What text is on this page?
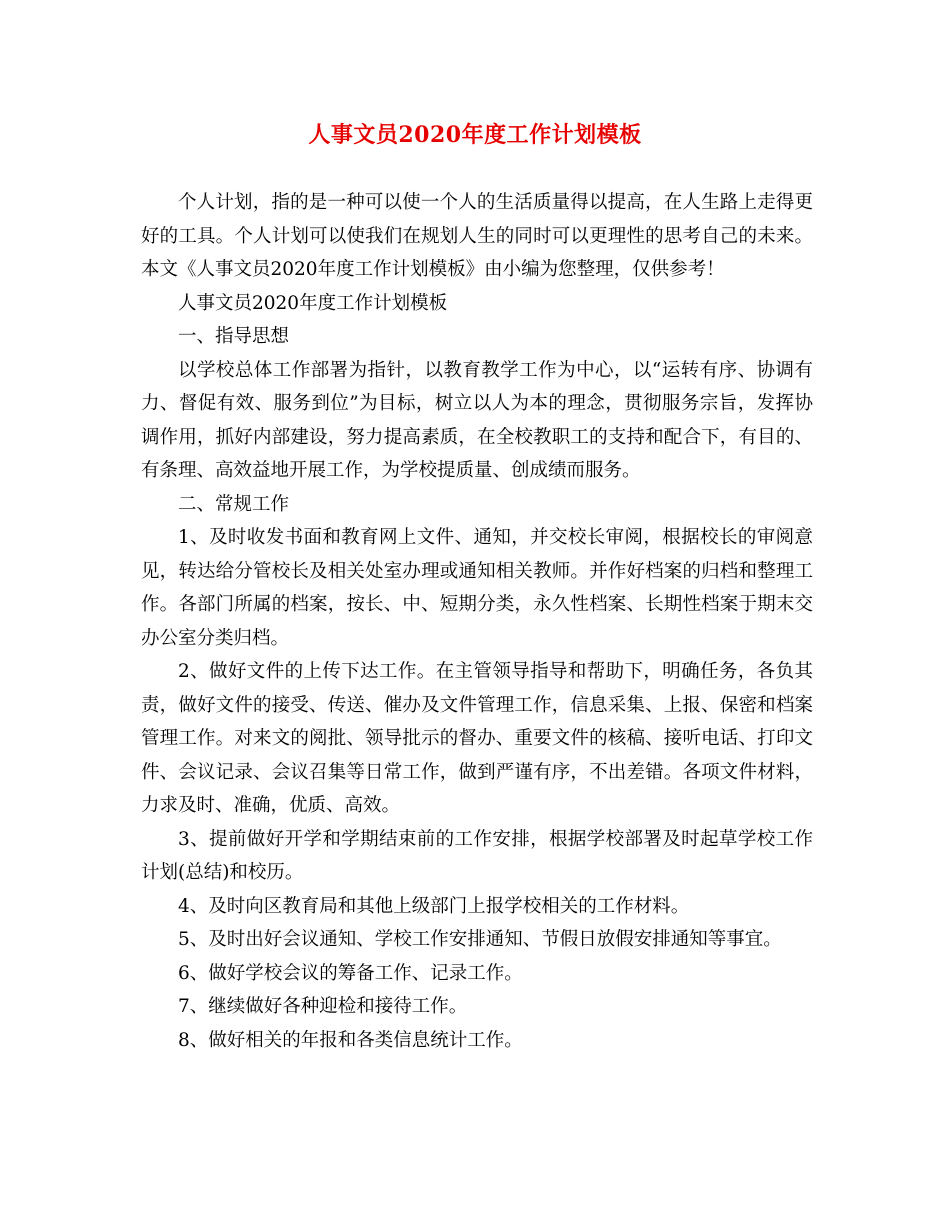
人事文员2020年度工作计划模板

个人计划，指的是一种可以使一个人的生活质量得以提高，在人生路上走得更好的工具。个人计划可以使我们在规划人生的同时可以更理性的思考自己的未来。本文《人事文员2020年度工作计划模板》由小编为您整理，仅供参考！

人事文员2020年度工作计划模板

一、指导思想

以学校总体工作部署为指针，以教育教学工作为中心，以“运转有序、协调有力、督促有效、服务到位”为目标，树立以人为本的理念，贯彻服务宗旨，发挥协调作用，抓好内部建设，努力提高素质，在全校教职工的支持和配合下，有目的、有条理、高效益地开展工作，为学校提质量、创成绩而服务。

二、常规工作

1、及时收发书面和教育网上文件、通知，并交校长审阅，根据校长的审阅意见，转达给分管校长及相关处室办理或通知相关教师。并作好档案的归档和整理工作。各部门所属的档案，按长、中、短期分类，永久性档案、长期性档案于期末交办公室分类归档。

2、做好文件的上传下达工作。在主管领导指导和帮助下，明确任务，各负其责，做好文件的接受、传送、催办及文件管理工作，信息采集、上报、保密和档案管理工作。对来文的阅批、领导批示的督办、重要文件的核稿、接听电话、打印文件、会议记录、会议召集等日常工作，做到严谨有序，不出差错。各项文件材料，力求及时、准确，优质、高效。

3、提前做好开学和学期结束前的工作安排，根据学校部署及时起草学校工作计划(总结)和校历。

4、及时向区教育局和其他上级部门上报学校相关的工作材料。

5、及时出好会议通知、学校工作安排通知、节假日放假安排通知等事宜。

6、做好学校会议的筹备工作、记录工作。

7、继续做好各种迎检和接待工作。

8、做好相关的年报和各类信息统计工作。
